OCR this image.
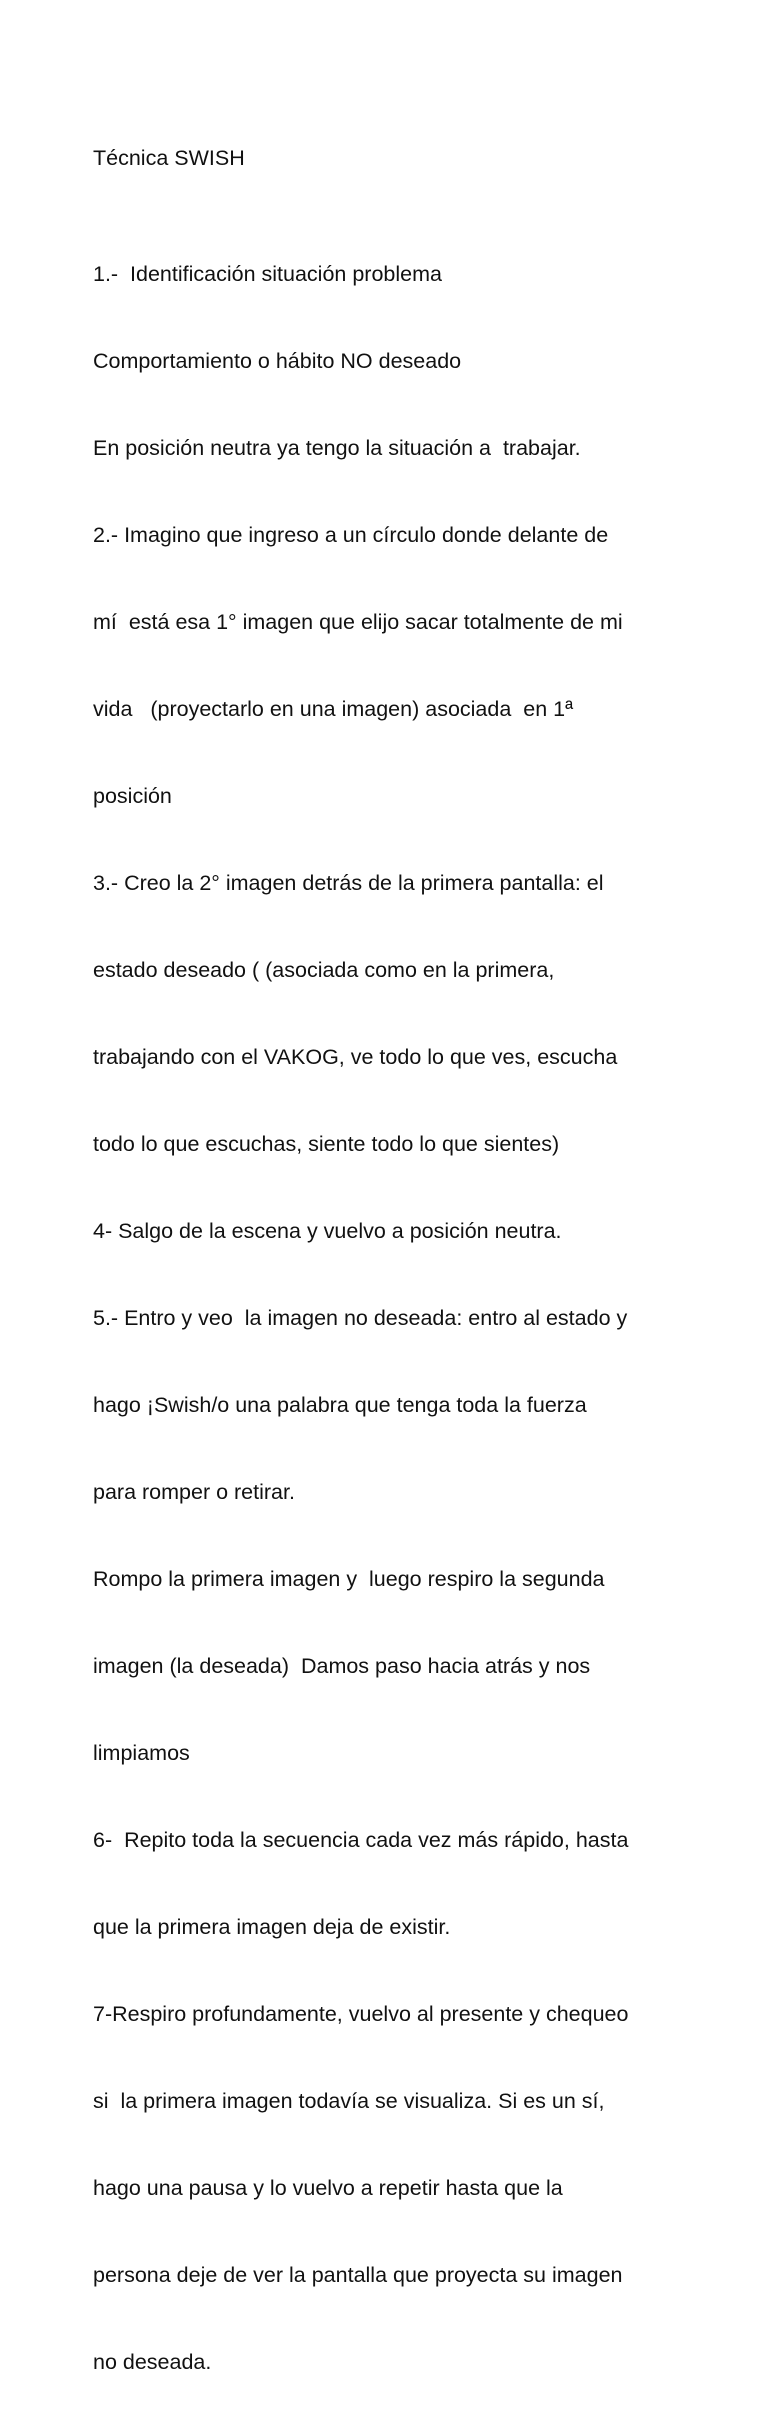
Técnica SWISH

1.-  Identificación situación problema

Comportamiento o hábito NO deseado

En posición neutra ya tengo la situación a  trabajar.

2.- Imagino que ingreso a un círculo donde delante de

mí  está esa 1° imagen que elijo sacar totalmente de mi

vida   (proyectarlo en una imagen) asociada  en 1ª

posición

3.- Creo la 2° imagen detrás de la primera pantalla: el

estado deseado ( (asociada como en la primera,

trabajando con el VAKOG, ve todo lo que ves, escucha

todo lo que escuchas, siente todo lo que sientes)

4- Salgo de la escena y vuelvo a posición neutra.

5.- Entro y veo  la imagen no deseada: entro al estado y

hago ¡Swish/o una palabra que tenga toda la fuerza

para romper o retirar.

Rompo la primera imagen y  luego respiro la segunda

imagen (la deseada)  Damos paso hacia atrás y nos

limpiamos

6-  Repito toda la secuencia cada vez más rápido, hasta

que la primera imagen deja de existir.

7-Respiro profundamente, vuelvo al presente y chequeo

si  la primera imagen todavía se visualiza. Si es un sí,

hago una pausa y lo vuelvo a repetir hasta que la

persona deje de ver la pantalla que proyecta su imagen

no deseada.
